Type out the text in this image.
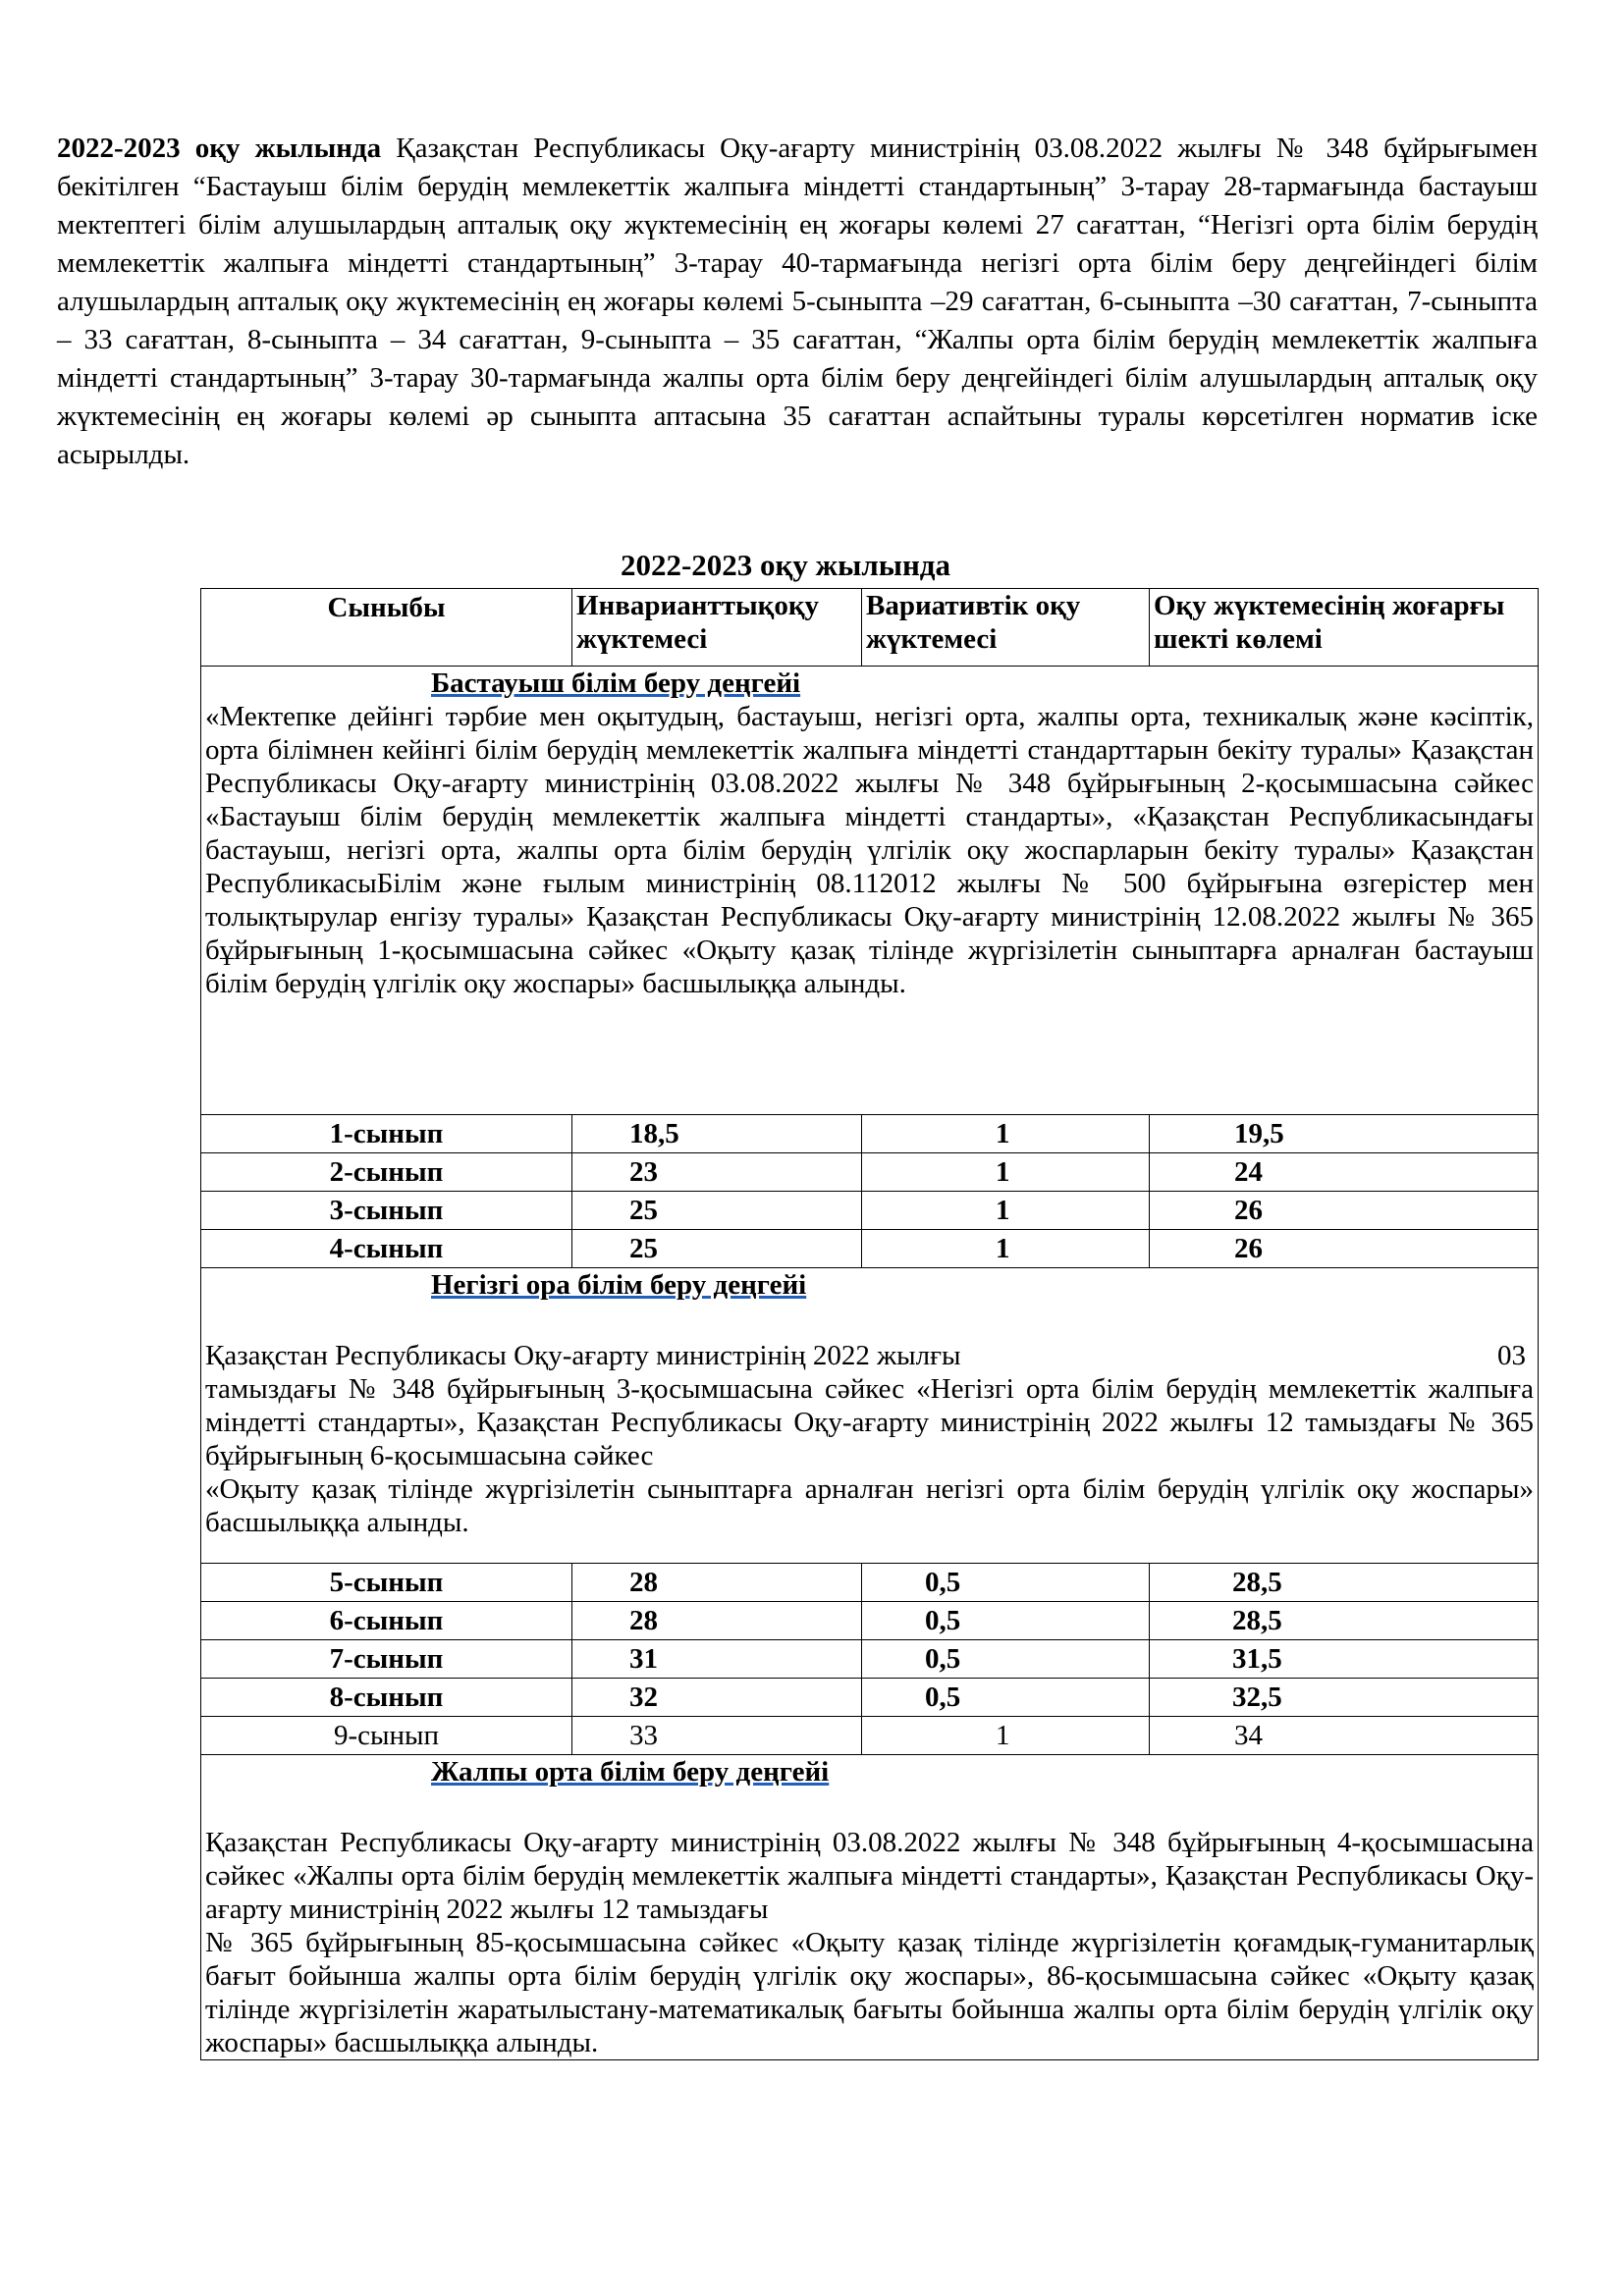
2022-2023 оқу жылында Қазақстан Республикасы Оқу-ағарту министрінің 03.08.2022 жылғы № 348 бұйрығымен бекітілген “Бастауыш білім берудің мемлекеттік жалпыға міндетті стандартының” 3-тарау 28-тармағында бастауыш мектептегі білім алушылардың апталық оқу жүктемесінің ең жоғары көлемі 27 сағаттан, “Негізгі орта білім берудің мемлекеттік жалпыға міндетті стандартының” 3-тарау 40-тармағында негізгі орта білім беру деңгейіндегі білім алушылардың апталық оқу жүктемесінің ең жоғары көлемі 5-сыныпта –29 сағаттан, 6-сыныпта –30 сағаттан, 7-сыныпта – 33 сағаттан, 8-сыныпта – 34 сағаттан, 9-сыныпта – 35 сағаттан, “Жалпы орта білім берудің мемлекеттік жалпыға міндетті стандартының” 3-тарау 30-тармағында жалпы орта білім беру деңгейіндегі білім алушылардың апталық оқу жүктемесінің ең жоғары көлемі әр сыныпта аптасына 35 сағаттан аспайтыны туралы көрсетілген норматив іске асырылды.

2022-2023 оқу жылында

Сыныбы	Инварианттықоқу жүктемесі	Вариативтік оқу жүктемесі	Оқу жүктемесінің жоғарғы шекті көлемі

Бастауыш білім беру деңгейі
«Мектепке дейінгі тәрбие мен оқытудың, бастауыш, негізгі орта, жалпы орта, техникалық және кәсіптік, орта білімнен кейінгі білім берудің мемлекеттік жалпыға міндетті стандарттарын бекіту туралы» Қазақстан Республикасы Оқу-ағарту министрінің 03.08.2022 жылғы № 348 бұйрығының 2-қосымшасына сәйкес «Бастауыш білім берудің мемлекеттік жалпыға міндетті стандарты», «Қазақстан Республикасындағы бастауыш, негізгі орта, жалпы орта білім берудің үлгілік оқу жоспарларын бекіту туралы» Қазақстан РеспубликасыБілім және ғылым министрінің 08.112012 жылғы № 500 бұйрығына өзгерістер мен толықтырулар енгізу туралы» Қазақстан Республикасы Оқу-ағарту министрінің 12.08.2022 жылғы № 365 бұйрығының 1-қосымшасына сәйкес «Оқыту қазақ тілінде жүргізілетін сыныптарға арналған бастауыш білім берудің үлгілік оқу жоспары» басшылыққа алынды.			

1-сынып	18,5	1	19,5
2-сынып	23	1	24
3-сынып	25	1	26
4-сынып	25	1	26

Негізгі ора білім беру деңгейі
Қазақстан Республикасы Оқу-ағарту министрінің 2022 жылғы 03
тамыздағы № 348 бұйрығының 3-қосымшасына сәйкес «Негізгі орта білім берудің мемлекеттік жалпыға міндетті стандарты», Қазақстан Республикасы Оқу-ағарту министрінің 2022 жылғы 12 тамыздағы № 365 бұйрығының 6-қосымшасына сәйкес
«Оқыту қазақ тілінде жүргізілетін сыныптарға арналған негізгі орта білім берудің үлгілік оқу жоспары» басшылыққа алынды.			

5-сынып	28	0,5	28,5
6-сынып	28	0,5	28,5
7-сынып	31	0,5	31,5
8-сынып	32	0,5	32,5
9-сынып	33	1	34

Жалпы орта білім беру деңгейі
Қазақстан Республикасы Оқу-ағарту министрінің 03.08.2022 жылғы № 348 бұйрығының 4-қосымшасына сәйкес «Жалпы орта білім берудің мемлекеттік жалпыға міндетті стандарты», Қазақстан Республикасы Оқу-ағарту министрінің 2022 жылғы 12 тамыздағы
№ 365 бұйрығының 85-қосымшасына сәйкес «Оқыту қазақ тілінде жүргізілетін қоғамдық-гуманитарлық бағыт бойынша жалпы орта білім берудің үлгілік оқу жоспары», 86-қосымшасына сәйкес «Оқыту қазақ тілінде жүргізілетін жаратылыстану-математикалық бағыты бойынша жалпы орта білім берудің үлгілік оқу жоспары» басшылыққа алынды.			
